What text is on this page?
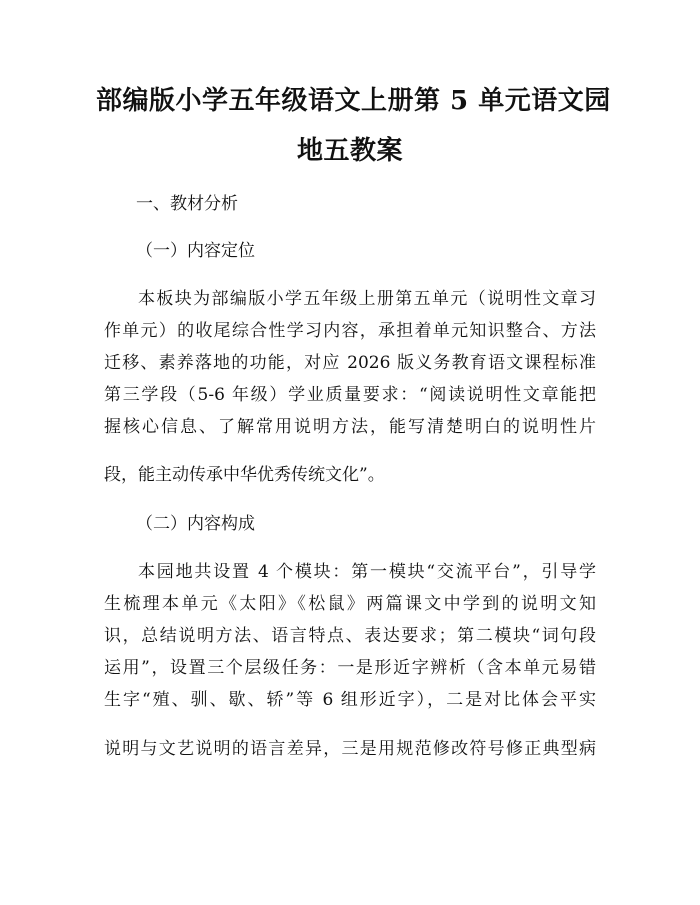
部编版小学五年级语文上册第 5 单元语文园
地五教案

一、教材分析

（一）内容定位

本板块为部编版小学五年级上册第五单元（说明性文章习

作单元）的收尾综合性学习内容，承担着单元知识整合、方法

迁移、素养落地的功能，对应 2026 版义务教育语文课程标准

第三学段（5-6 年级）学业质量要求：“阅读说明性文章能把

握核心信息、了解常用说明方法，能写清楚明白的说明性片

段，能主动传承中华优秀传统文化”。

（二）内容构成

本园地共设置 4 个模块：第一模块“交流平台”，引导学

生梳理本单元《太阳》《松鼠》两篇课文中学到的说明文知

识，总结说明方法、语言特点、表达要求；第二模块“词句段

运用”，设置三个层级任务：一是形近字辨析（含本单元易错

生字“殖、驯、歇、轿”等 6 组形近字），二是对比体会平实

说明与文艺说明的语言差异，三是用规范修改符号修正典型病
